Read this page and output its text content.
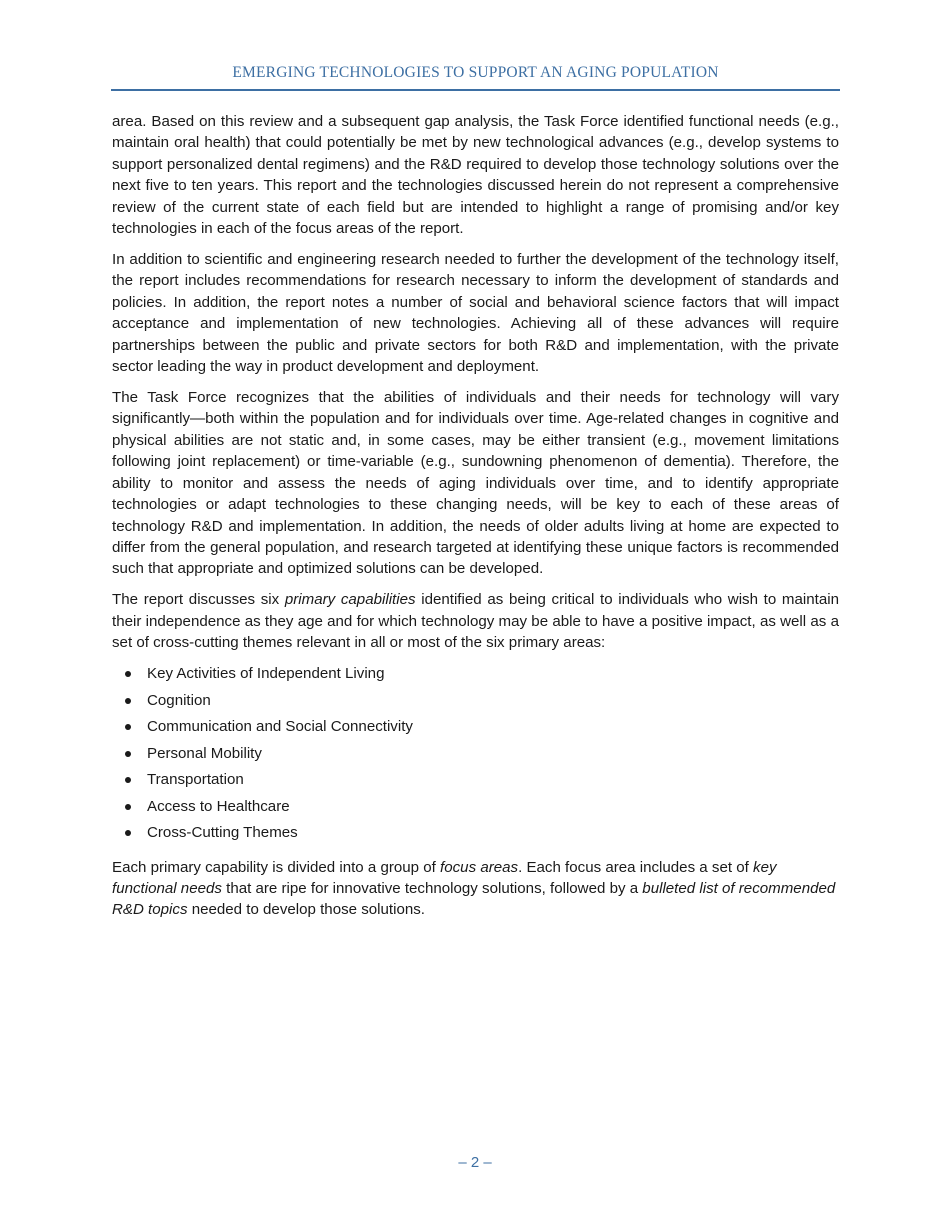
EMERGING TECHNOLOGIES TO SUPPORT AN AGING POPULATION

area. Based on this review and a subsequent gap analysis, the Task Force identified functional needs (e.g., maintain oral health) that could potentially be met by new technological advances (e.g., develop systems to support personalized dental regimens) and the R&D required to develop those technology solutions over the next five to ten years. This report and the technologies discussed herein do not represent a comprehensive review of the current state of each field but are intended to highlight a range of promising and/or key technologies in each of the focus areas of the report.

In addition to scientific and engineering research needed to further the development of the technology itself, the report includes recommendations for research necessary to inform the development of standards and policies. In addition, the report notes a number of social and behavioral science factors that will impact acceptance and implementation of new technologies. Achieving all of these advances will require partnerships between the public and private sectors for both R&D and implementation, with the private sector leading the way in product development and deployment.

The Task Force recognizes that the abilities of individuals and their needs for technology will vary significantly—both within the population and for individuals over time. Age-related changes in cognitive and physical abilities are not static and, in some cases, may be either transient (e.g., movement limitations following joint replacement) or time-variable (e.g., sundowning phenomenon of dementia). Therefore, the ability to monitor and assess the needs of aging individuals over time, and to identify appropriate technologies or adapt technologies to these changing needs, will be key to each of these areas of technology R&D and implementation. In addition, the needs of older adults living at home are expected to differ from the general population, and research targeted at identifying these unique factors is recommended such that appropriate and optimized solutions can be developed.

The report discusses six primary capabilities identified as being critical to individuals who wish to maintain their independence as they age and for which technology may be able to have a positive impact, as well as a set of cross-cutting themes relevant in all or most of the six primary areas:

Key Activities of Independent Living
Cognition
Communication and Social Connectivity
Personal Mobility
Transportation
Access to Healthcare
Cross-Cutting Themes

Each primary capability is divided into a group of focus areas. Each focus area includes a set of key functional needs that are ripe for innovative technology solutions, followed by a bulleted list of recommended R&D topics needed to develop those solutions.

– 2 –
